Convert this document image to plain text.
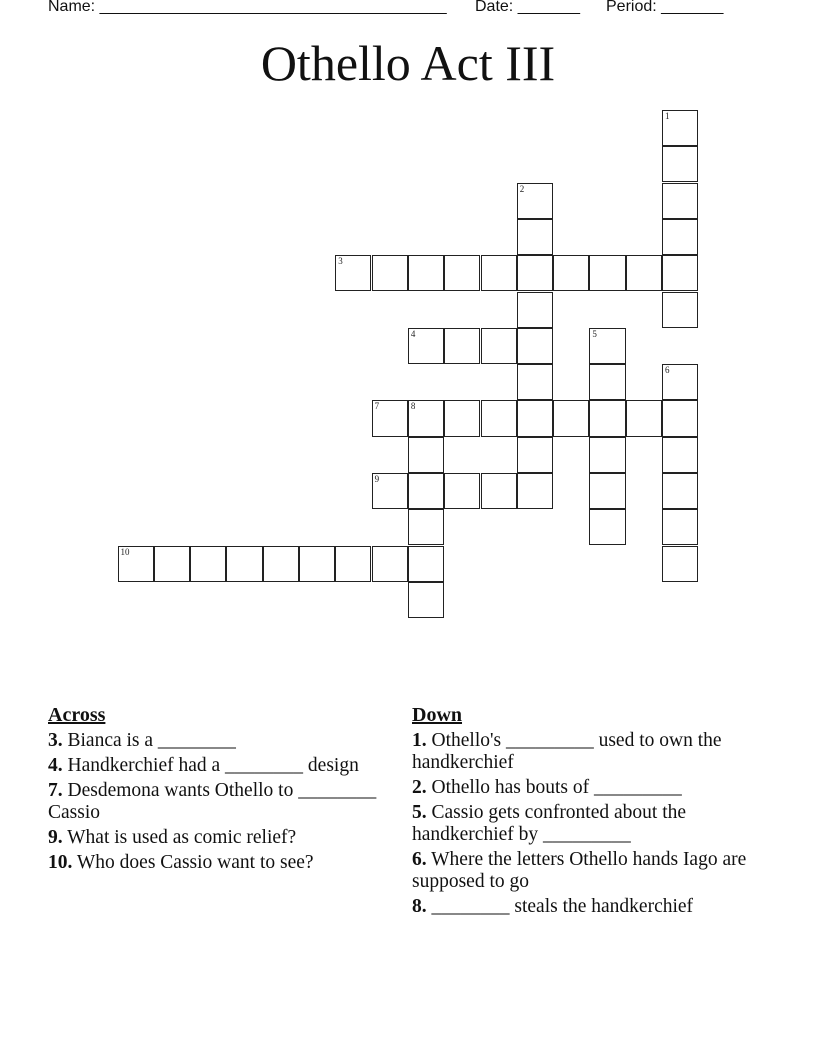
Name: _______________________________________ Date: _______ Period: _______
Othello Act III
1
2
3
4	5
6
7	8
9
10
Across
3. Bianca is a ________
4. Handkerchief had a ________ design
7. Desdemona wants Othello to ________ Cassio
9. What is used as comic relief?
10. Who does Cassio want to see?
Down
1. Othello's _________ used to own the handkerchief
2. Othello has bouts of _________
5. Cassio gets confronted about the handkerchief by _________
6. Where the letters Othello hands Iago are supposed to go
8. ________ steals the handkerchief
